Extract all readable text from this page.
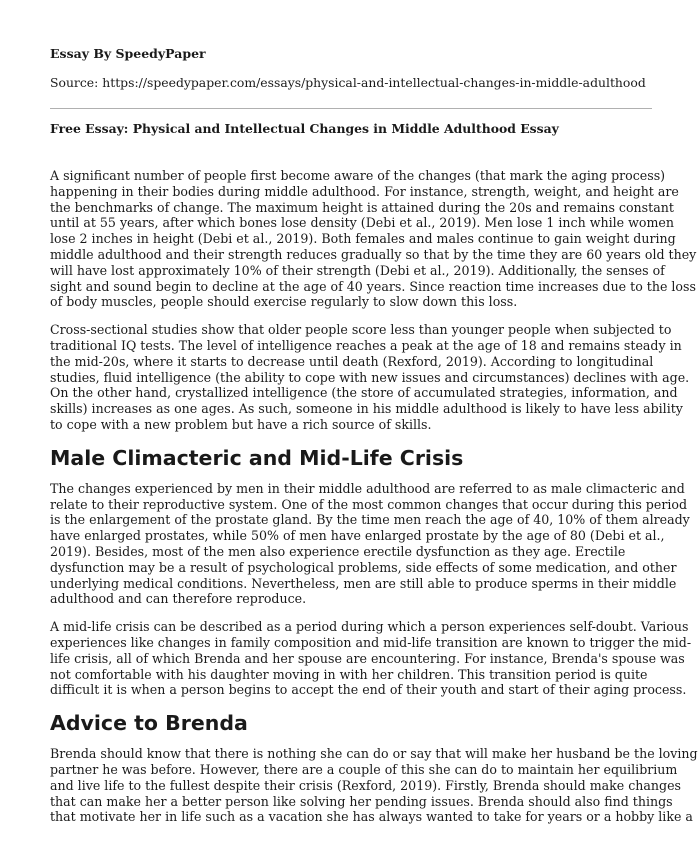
Essay By SpeedyPaper
Source: https://speedypaper.com/essays/physical-and-intellectual-changes-in-middle-adulthood
Free Essay: Physical and Intellectual Changes in Middle Adulthood Essay

A significant number of people first become aware of the changes (that mark the aging process)
happening in their bodies during middle adulthood. For instance, strength, weight, and height are
the benchmarks of change. The maximum height is attained during the 20s and remains constant
until at 55 years, after which bones lose density (Debi et al., 2019). Men lose 1 inch while women
lose 2 inches in height (Debi et al., 2019). Both females and males continue to gain weight during
middle adulthood and their strength reduces gradually so that by the time they are 60 years old they
will have lost approximately 10% of their strength (Debi et al., 2019). Additionally, the senses of
sight and sound begin to decline at the age of 40 years. Since reaction time increases due to the loss
of body muscles, people should exercise regularly to slow down this loss.

Cross-sectional studies show that older people score less than younger people when subjected to
traditional IQ tests. The level of intelligence reaches a peak at the age of 18 and remains steady in
the mid-20s, where it starts to decrease until death (Rexford, 2019). According to longitudinal
studies, fluid intelligence (the ability to cope with new issues and circumstances) declines with age.
On the other hand, crystallized intelligence (the store of accumulated strategies, information, and
skills) increases as one ages. As such, someone in his middle adulthood is likely to have less ability
to cope with a new problem but have a rich source of skills.

Male Climacteric and Mid-Life Crisis

The changes experienced by men in their middle adulthood are referred to as male climacteric and
relate to their reproductive system. One of the most common changes that occur during this period
is the enlargement of the prostate gland. By the time men reach the age of 40, 10% of them already
have enlarged prostates, while 50% of men have enlarged prostate by the age of 80 (Debi et al.,
2019). Besides, most of the men also experience erectile dysfunction as they age. Erectile
dysfunction may be a result of psychological problems, side effects of some medication, and other
underlying medical conditions. Nevertheless, men are still able to produce sperms in their middle
adulthood and can therefore reproduce.

A mid-life crisis can be described as a period during which a person experiences self-doubt. Various
experiences like changes in family composition and mid-life transition are known to trigger the mid-
life crisis, all of which Brenda and her spouse are encountering. For instance, Brenda's spouse was
not comfortable with his daughter moving in with her children. This transition period is quite
difficult it is when a person begins to accept the end of their youth and start of their aging process.

Advice to Brenda

Brenda should know that there is nothing she can do or say that will make her husband be the loving
partner he was before. However, there are a couple of this she can do to maintain her equilibrium
and live life to the fullest despite their crisis (Rexford, 2019). Firstly, Brenda should make changes
that can make her a better person like solving her pending issues. Brenda should also find things
that motivate her in life such as a vacation she has always wanted to take for years or a hobby like a
